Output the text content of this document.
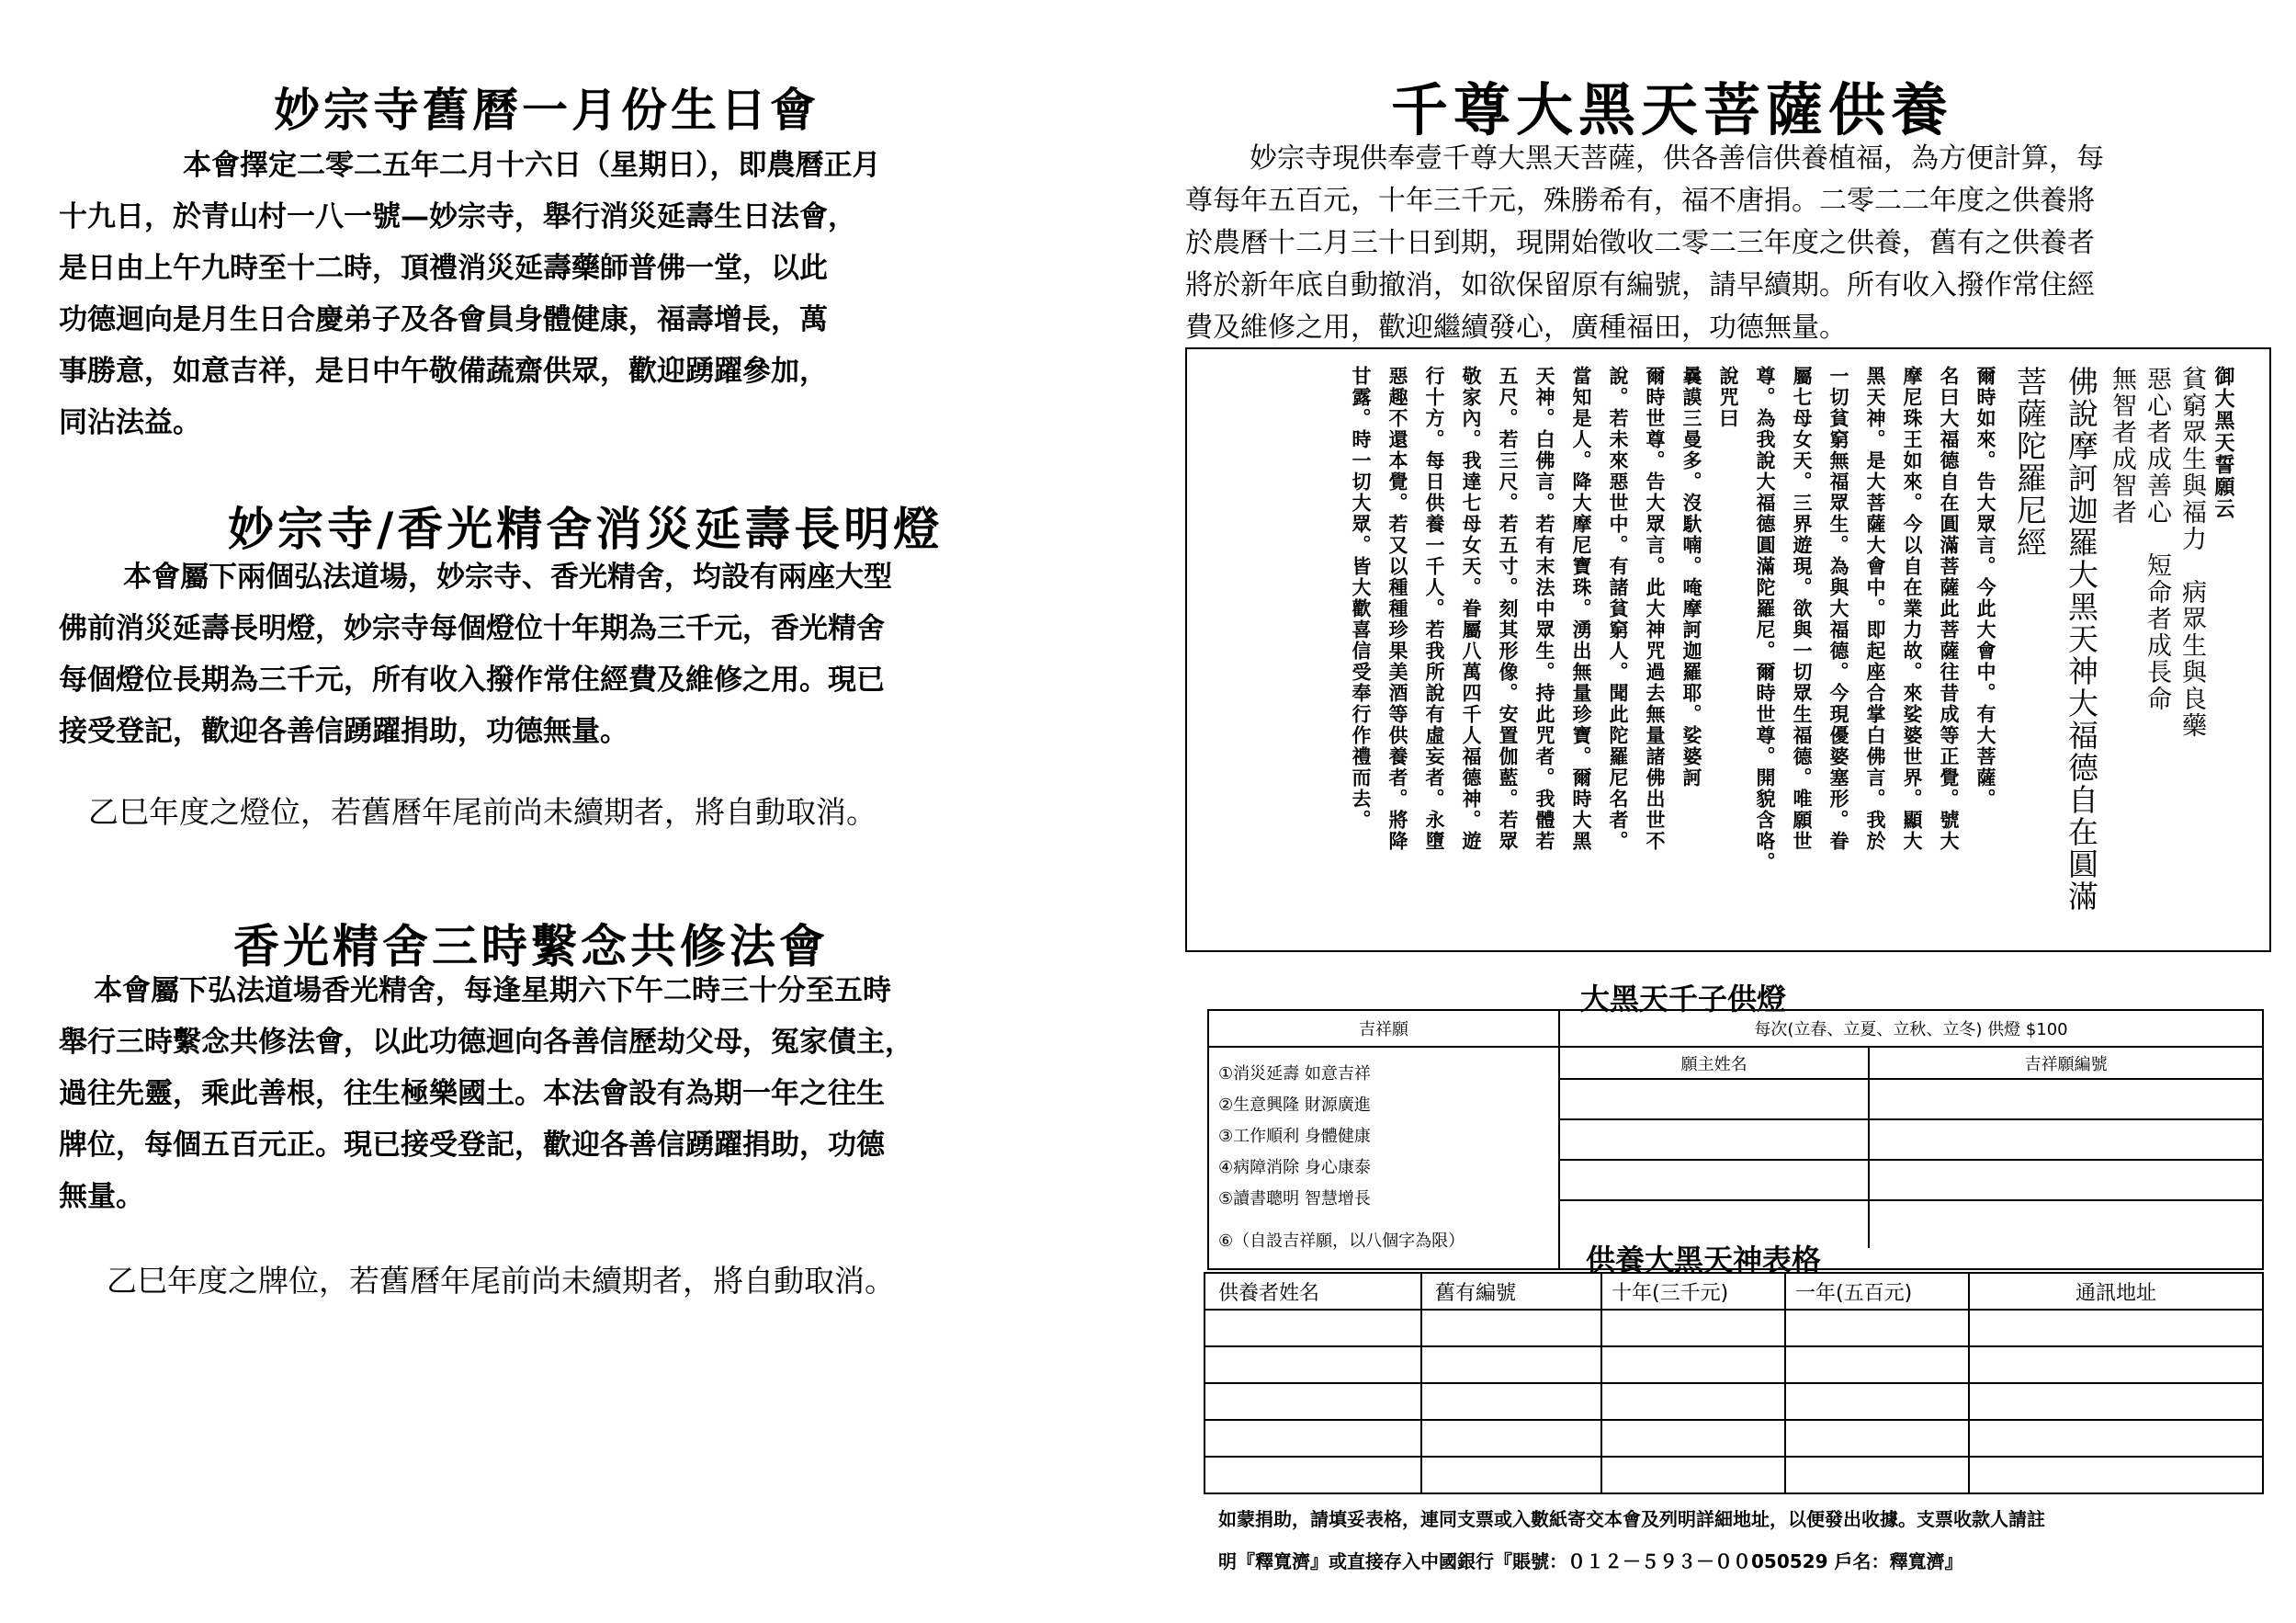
妙宗寺舊曆一月份生日會
本會擇定二零二五年二月十六日（星期日），即農曆正月
十九日，於青山村一八一號—妙宗寺，舉行消災延壽生日法會，
是日由上午九時至十二時，頂禮消災延壽藥師普佛一堂，以此
功德迴向是月生日合慶弟子及各會員身體健康，福壽增長，萬
事勝意，如意吉祥，是日中午敬備蔬齋供眾，歡迎踴躍參加，
同沾法益。
妙宗寺/香光精舍消災延壽長明燈
本會屬下兩個弘法道場，妙宗寺、香光精舍，均設有兩座大型
佛前消災延壽長明燈，妙宗寺每個燈位十年期為三千元，香光精舍
每個燈位長期為三千元，所有收入撥作常住經費及維修之用。現已
接受登記，歡迎各善信踴躍捐助，功德無量。
乙巳年度之燈位，若舊曆年尾前尚未續期者，將自動取消。
香光精舍三時繫念共修法會
本會屬下弘法道場香光精舍，每逢星期六下午二時三十分至五時
舉行三時繫念共修法會，以此功德迴向各善信歷劫父母，冤家債主，
過往先靈，乘此善根，往生極樂國土。本法會設有為期一年之往生
牌位，每個五百元正。現已接受登記，歡迎各善信踴躍捐助，功德
無量。
乙巳年度之牌位，若舊曆年尾前尚未續期者，將自動取消。
千尊大黑天菩薩供養
妙宗寺現供奉壹千尊大黑天菩薩，供各善信供養植福，為方便計算，每
尊每年五百元，十年三千元，殊勝希有，福不唐捐。二零二二年度之供養將
於農曆十二月三十日到期，現開始徵收二零二三年度之供養，舊有之供養者
將於新年底自動撤消，如欲保留原有編號，請早續期。所有收入撥作常住經
費及維修之用，歡迎繼續發心，廣種福田，功德無量。
御大黑天誓願云
貧窮眾生與福力　病眾生與良藥
惡心者成善心　短命者成長命
無智者成智者
佛說摩訶迦羅大黑天神大福德自在圓滿
菩薩陀羅尼經
爾時如來。告大眾言。今此大會中。有大菩薩。
名曰大福德自在圓滿菩薩此菩薩往昔成等正覺。號大
摩尼珠王如來。今以自在業力故。來娑婆世界。顯大
黑天神。是大菩薩大會中。即起座合掌白佛言。我於
一切貧窮無福眾生。為與大福德。今現優婆塞形。眷
屬七母女天。三界遊現。欲與一切眾生福德。唯願世
尊。為我說大福德圓滿陀羅尼。爾時世尊。開貌含咯。
說咒曰
曩謨三曼多。沒馱喃。唵摩訶迦羅耶。娑婆訶
爾時世尊。告大眾言。此大神咒過去無量諸佛出世不
說。若未來惡世中。有諸貧窮人。聞此陀羅尼名者。
當知是人。降大摩尼寶珠。湧出無量珍寶。爾時大黑
天神。白佛言。若有末法中眾生。持此咒者。我體若
五尺。若三尺。若五寸。刻其形像。安置伽藍。若眾
敬家內。我達七母女天。眷屬八萬四千人福德神。遊
行十方。每日供養一千人。若我所說有虛妄者。永墮
惡趣不還本覺。若又以種種珍果美酒等供養者。將降
甘露。時一切大眾。皆大歡喜信受奉行作禮而去。
大黑天千子供燈
吉祥願	每次(立春、立夏、立秋、立冬) 供燈 $100

①消災延壽 如意吉祥
②生意興隆 財源廣進
③工作順利 身體健康
④病障消除 身心康泰
⑤讀書聰明 智慧增長
⑥（自設吉祥願，以八個字為限）

願主姓名	吉祥願編號

供養大黑天神表格
供養者姓名	舊有編號	十年(三千元)	一年(五百元)	通訊地址

如蒙捐助，請填妥表格，連同支票或入數紙寄交本會及列明詳細地址，以便發出收據。支票收款人請註
明『釋寬濟』或直接存入中國銀行『賬號：０１２－５９３－００050529 戶名：釋寬濟』
